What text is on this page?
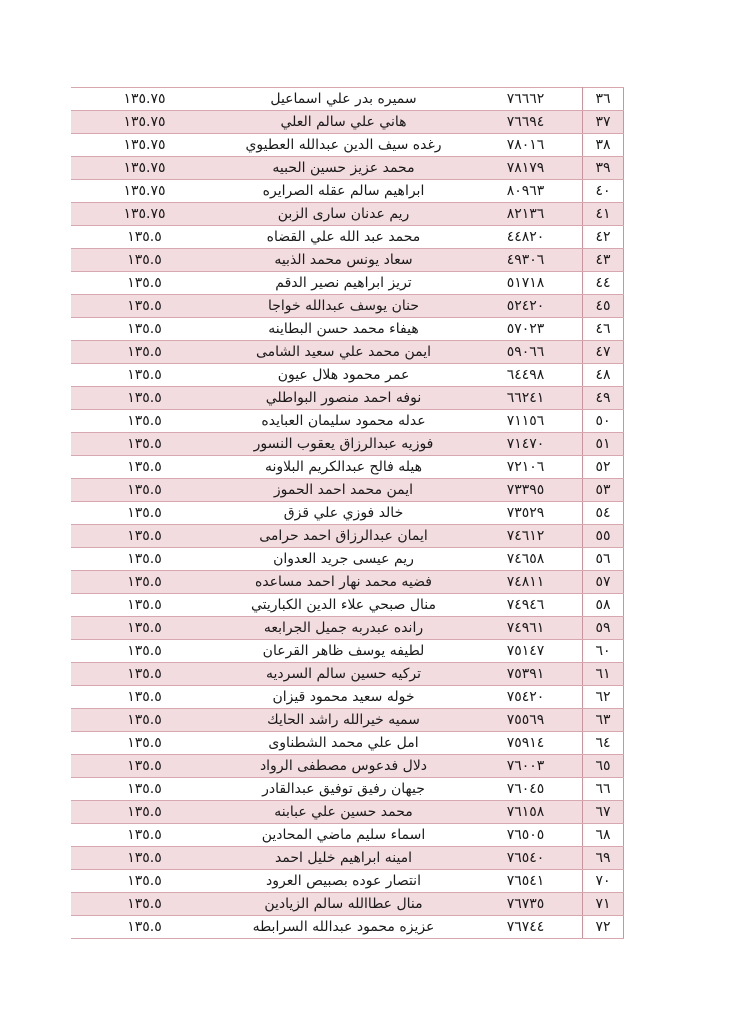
٣٦	٧٦٦٦٢	سميره بدر علي اسماعيل	١٣٥.٧٥
٣٧	٧٦٦٩٤	هاني علي سالم العلي	١٣٥.٧٥
٣٨	٧٨٠١٦	رغده سيف الدين عبدالله العطيوي	١٣٥.٧٥
٣٩	٧٨١٧٩	محمد عزيز حسين الحبيه	١٣٥.٧٥
٤٠	٨٠٩٦٣	ابراهيم سالم عقله الصرايره	١٣٥.٧٥
٤١	٨٢١٣٦	ريم عدنان سارى الزبن	١٣٥.٧٥
٤٢	٤٤٨٢٠	محمد عبد الله علي القضاه	١٣٥.٥
٤٣	٤٩٣٠٦	سعاد يونس محمد الذبيه	١٣٥.٥
٤٤	٥١٧١٨	تريز ابراهيم نصير الدقم	١٣٥.٥
٤٥	٥٢٤٢٠	حنان يوسف عبدالله خواجا	١٣٥.٥
٤٦	٥٧٠٢٣	هيفاء محمد حسن البطاينه	١٣٥.٥
٤٧	٥٩٠٦٦	ايمن محمد علي سعيد الشامى	١٣٥.٥
٤٨	٦٤٤٩٨	عمر محمود هلال عيون	١٣٥.٥
٤٩	٦٦٢٤١	نوفه احمد منصور البواطلي	١٣٥.٥
٥٠	٧١١٥٦	عدله محمود سليمان العبايده	١٣٥.٥
٥١	٧١٤٧٠	فوزيه عبدالرزاق يعقوب النسور	١٣٥.٥
٥٢	٧٢١٠٦	هيله فالح عبدالكريم البلاونه	١٣٥.٥
٥٣	٧٣٣٩٥	ايمن محمد احمد الحموز	١٣٥.٥
٥٤	٧٣٥٢٩	خالد فوزي علي قزق	١٣٥.٥
٥٥	٧٤٦١٢	ايمان عبدالرزاق احمد حرامى	١٣٥.٥
٥٦	٧٤٦٥٨	ريم عيسى جريد العدوان	١٣٥.٥
٥٧	٧٤٨١١	فضيه محمد نهار احمد مساعده	١٣٥.٥
٥٨	٧٤٩٤٦	منال صبحي علاء الدين الكباريتي	١٣٥.٥
٥٩	٧٤٩٦١	رانده عبدربه جميل الجرابعه	١٣٥.٥
٦٠	٧٥١٤٧	لطيفه يوسف ظاهر القرعان	١٣٥.٥
٦١	٧٥٣٩١	تركيه حسين سالم السرديه	١٣٥.٥
٦٢	٧٥٤٢٠	خوله سعيد محمود قيزان	١٣٥.٥
٦٣	٧٥٥٦٩	سميه خيرالله راشد الحايك	١٣٥.٥
٦٤	٧٥٩١٤	امل علي محمد الشطناوى	١٣٥.٥
٦٥	٧٦٠٠٣	دلال فدعوس مصطفى الرواد	١٣٥.٥
٦٦	٧٦٠٤٥	جيهان رفيق توفيق عبدالقادر	١٣٥.٥
٦٧	٧٦١٥٨	محمد حسين علي عبابنه	١٣٥.٥
٦٨	٧٦٥٠٥	اسماء سليم ماضي المحادين	١٣٥.٥
٦٩	٧٦٥٤٠	امينه ابراهيم خليل احمد	١٣٥.٥
٧٠	٧٦٥٤١	انتصار عوده بصبيص العرود	١٣٥.٥
٧١	٧٦٧٣٥	منال عطاالله سالم الزيادين	١٣٥.٥
٧٢	٧٦٧٤٤	عزيزه محمود عبدالله السرابطه	١٣٥.٥
